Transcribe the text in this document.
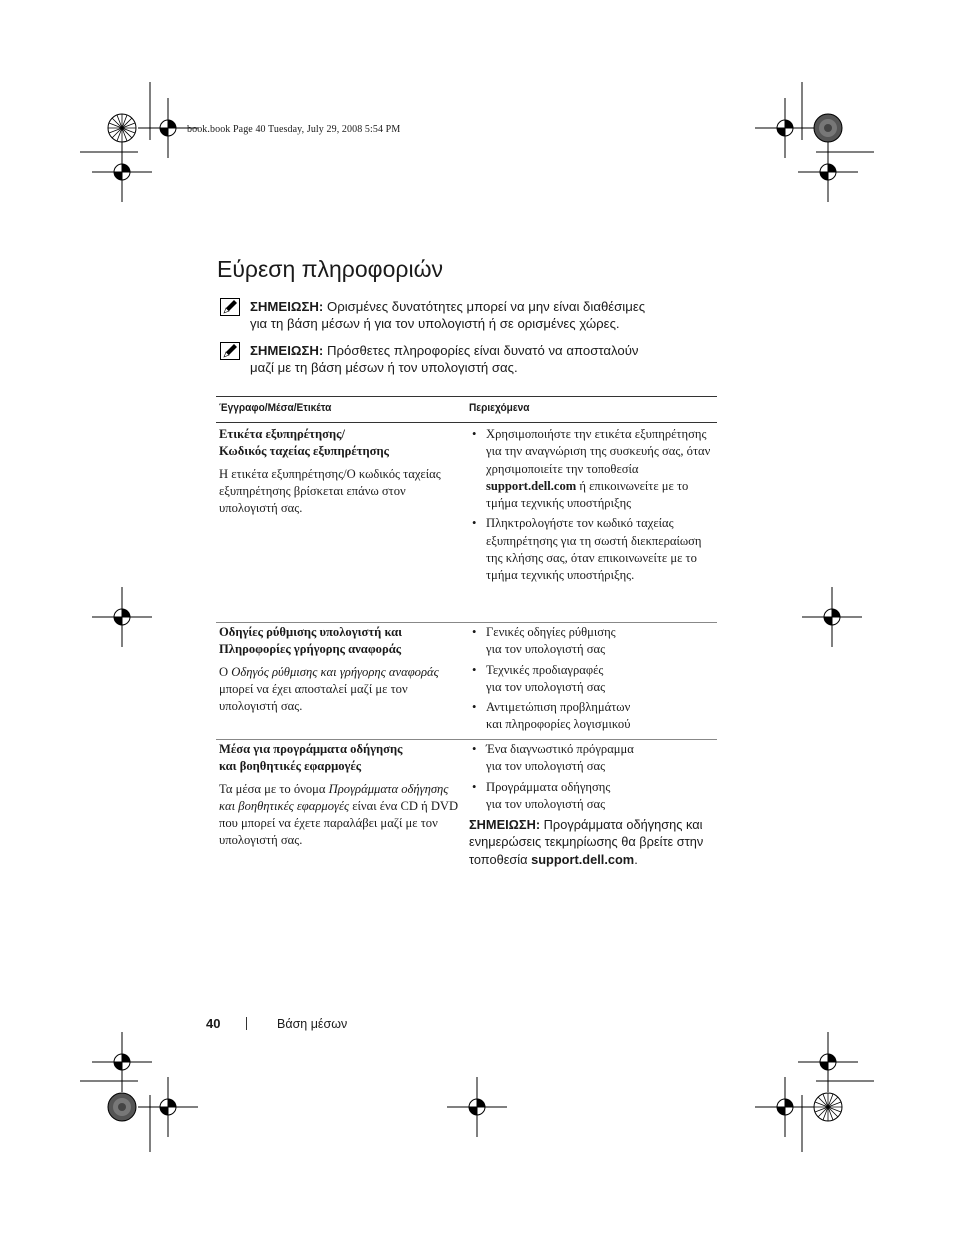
book.book Page 40 Tuesday, July 29, 2008 5:54 PM
Εύρεση πληροφοριών
ΣΗΜΕΙΩΣΗ: Ορισμένες δυνατότητες μπορεί να μην είναι διαθέσιμες
για τη βάση μέσων ή για τον υπολογιστή ή σε ορισμένες χώρες.
ΣΗΜΕΙΩΣΗ: Πρόσθετες πληροφορίες είναι δυνατό να αποσταλούν
μαζί με τη βάση μέσων ή τον υπολογιστή σας.
Έγγραφο/Μέσα/Ετικέτα	Περιεχόμενα
Ετικέτα εξυπηρέτησης/
Κωδικός ταχείας εξυπηρέτησης
Η ετικέτα εξυπηρέτησης/Ο κωδικός ταχείας εξυπηρέτησης βρίσκεται επάνω στον υπολογιστή σας.
• Χρησιμοποιήστε την ετικέτα εξυπηρέτησης για την αναγνώριση της συσκευής σας, όταν χρησιμοποιείτε την τοποθεσία support.dell.com ή επικοινωνείτε με το τμήμα τεχνικής υποστήριξης
• Πληκτρολογήστε τον κωδικό ταχείας εξυπηρέτησης για τη σωστή διεκπεραίωση της κλήσης σας, όταν επικοινωνείτε με το τμήμα τεχνικής υποστήριξης.
Οδηγίες ρύθμισης υπολογιστή και
Πληροφορίες γρήγορης αναφοράς
Ο Οδηγός ρύθμισης και γρήγορης αναφοράς μπορεί να έχει αποσταλεί μαζί με τον υπολογιστή σας.
• Γενικές οδηγίες ρύθμισης
για τον υπολογιστή σας
• Τεχνικές προδιαγραφές
για τον υπολογιστή σας
• Αντιμετώπιση προβλημάτων
και πληροφορίες λογισμικού
Μέσα για προγράμματα οδήγησης
και βοηθητικές εφαρμογές
Τα μέσα με το όνομα Προγράμματα οδήγησης και βοηθητικές εφαρμογές είναι ένα CD ή DVD που μπορεί να έχετε παραλάβει μαζί με τον υπολογιστή σας.
• Ένα διαγνωστικό πρόγραμμα
για τον υπολογιστή σας
• Προγράμματα οδήγησης
για τον υπολογιστή σας
ΣΗΜΕΙΩΣΗ: Προγράμματα οδήγησης και ενημερώσεις τεκμηρίωσης θα βρείτε στην τοποθεσία support.dell.com.
40	Βάση μέσων
